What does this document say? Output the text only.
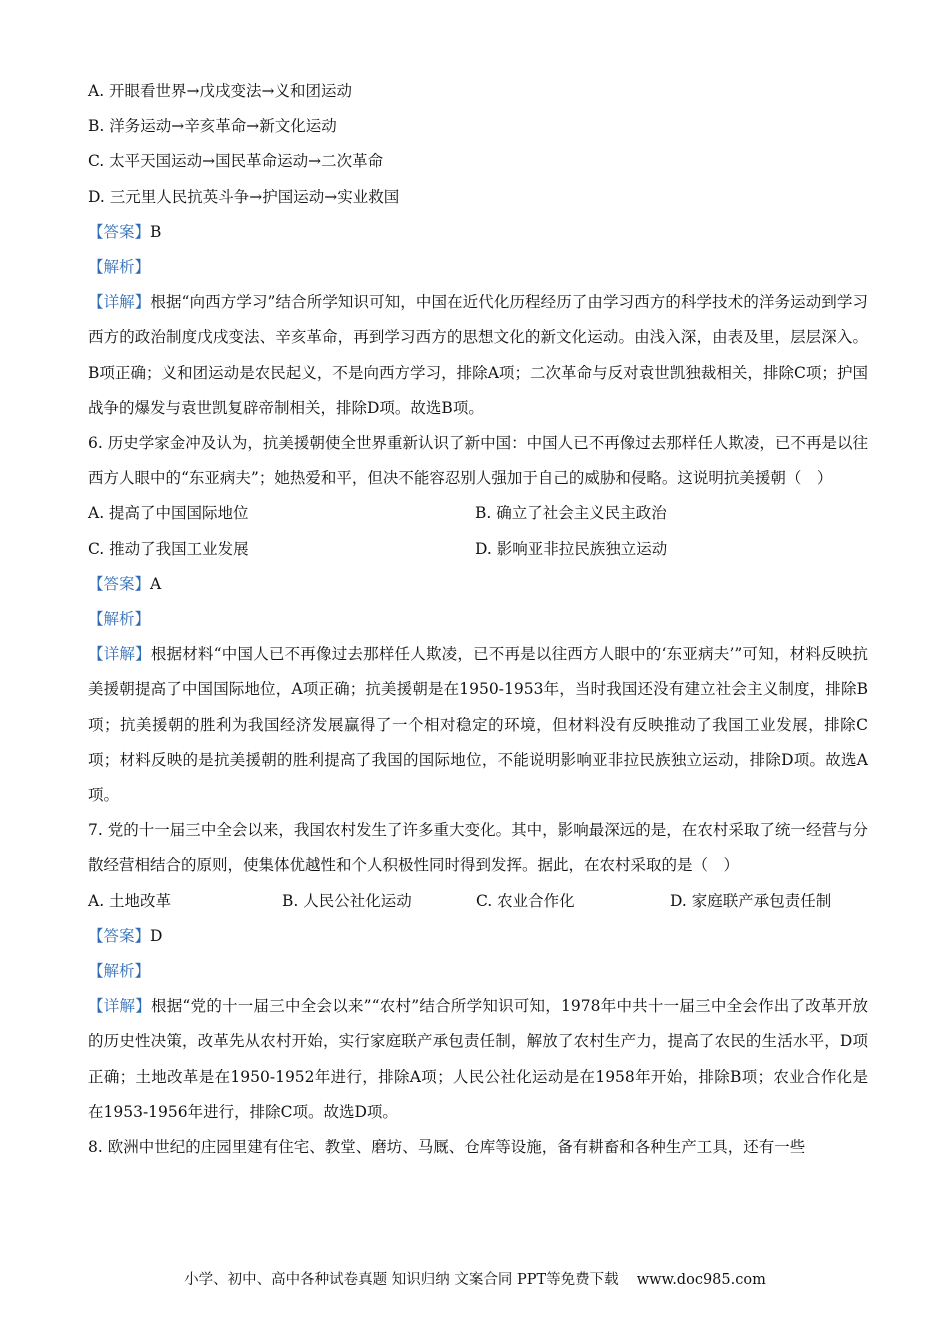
A. 开眼看世界→戊戌变法→义和团运动
B. 洋务运动→辛亥革命→新文化运动
C. 太平天国运动→国民革命运动→二次革命
D. 三元里人民抗英斗争→护国运动→实业救国
【答案】B
【解析】
【详解】根据“向西方学习”结合所学知识可知，中国在近代化历程经历了由学习西方的科学技术的洋务运动到学习西方的政治制度戊戌变法、辛亥革命，再到学习西方的思想文化的新文化运动。由浅入深，由表及里，层层深入。B项正确；义和团运动是农民起义，不是向西方学习，排除A项；二次革命与反对袁世凯独裁相关，排除C项；护国战争的爆发与袁世凯复辟帝制相关，排除D项。故选B项。
6. 历史学家金冲及认为，抗美援朝使全世界重新认识了新中国：中国人已不再像过去那样任人欺凌，已不再是以往西方人眼中的“东亚病夫”；她热爱和平，但决不能容忍别人强加于自己的威胁和侵略。这说明抗美援朝（　）
A. 提高了中国国际地位	B. 确立了社会主义民主政治
C. 推动了我国工业发展	D. 影响亚非拉民族独立运动
【答案】A
【解析】
【详解】根据材料“中国人已不再像过去那样任人欺凌，已不再是以往西方人眼中的‘东亚病夫’”可知，材料反映抗美援朝提高了中国国际地位，A项正确；抗美援朝是在1950-1953年，当时我国还没有建立社会主义制度，排除B项；抗美援朝的胜利为我国经济发展赢得了一个相对稳定的环境，但材料没有反映推动了我国工业发展，排除C项；材料反映的是抗美援朝的胜利提高了我国的国际地位，不能说明影响亚非拉民族独立运动，排除D项。故选A项。
7. 党的十一届三中全会以来，我国农村发生了许多重大变化。其中，影响最深远的是，在农村采取了统一经营与分散经营相结合的原则，使集体优越性和个人积极性同时得到发挥。据此，在农村采取的是（　）
A. 土地改革	B. 人民公社化运动	C. 农业合作化	D. 家庭联产承包责任制
【答案】D
【解析】
【详解】根据“党的十一届三中全会以来”“农村”结合所学知识可知，1978年中共十一届三中全会作出了改革开放的历史性决策，改革先从农村开始，实行家庭联产承包责任制，解放了农村生产力，提高了农民的生活水平，D项正确；土地改革是在1950-1952年进行，排除A项；人民公社化运动是在1958年开始，排除B项；农业合作化是在1953-1956年进行，排除C项。故选D项。
8. 欧洲中世纪的庄园里建有住宅、教堂、磨坊、马厩、仓库等设施，备有耕畜和各种生产工具，还有一些
小学、初中、高中各种试卷真题 知识归纳 文案合同 PPT等免费下载 www.doc985.com
